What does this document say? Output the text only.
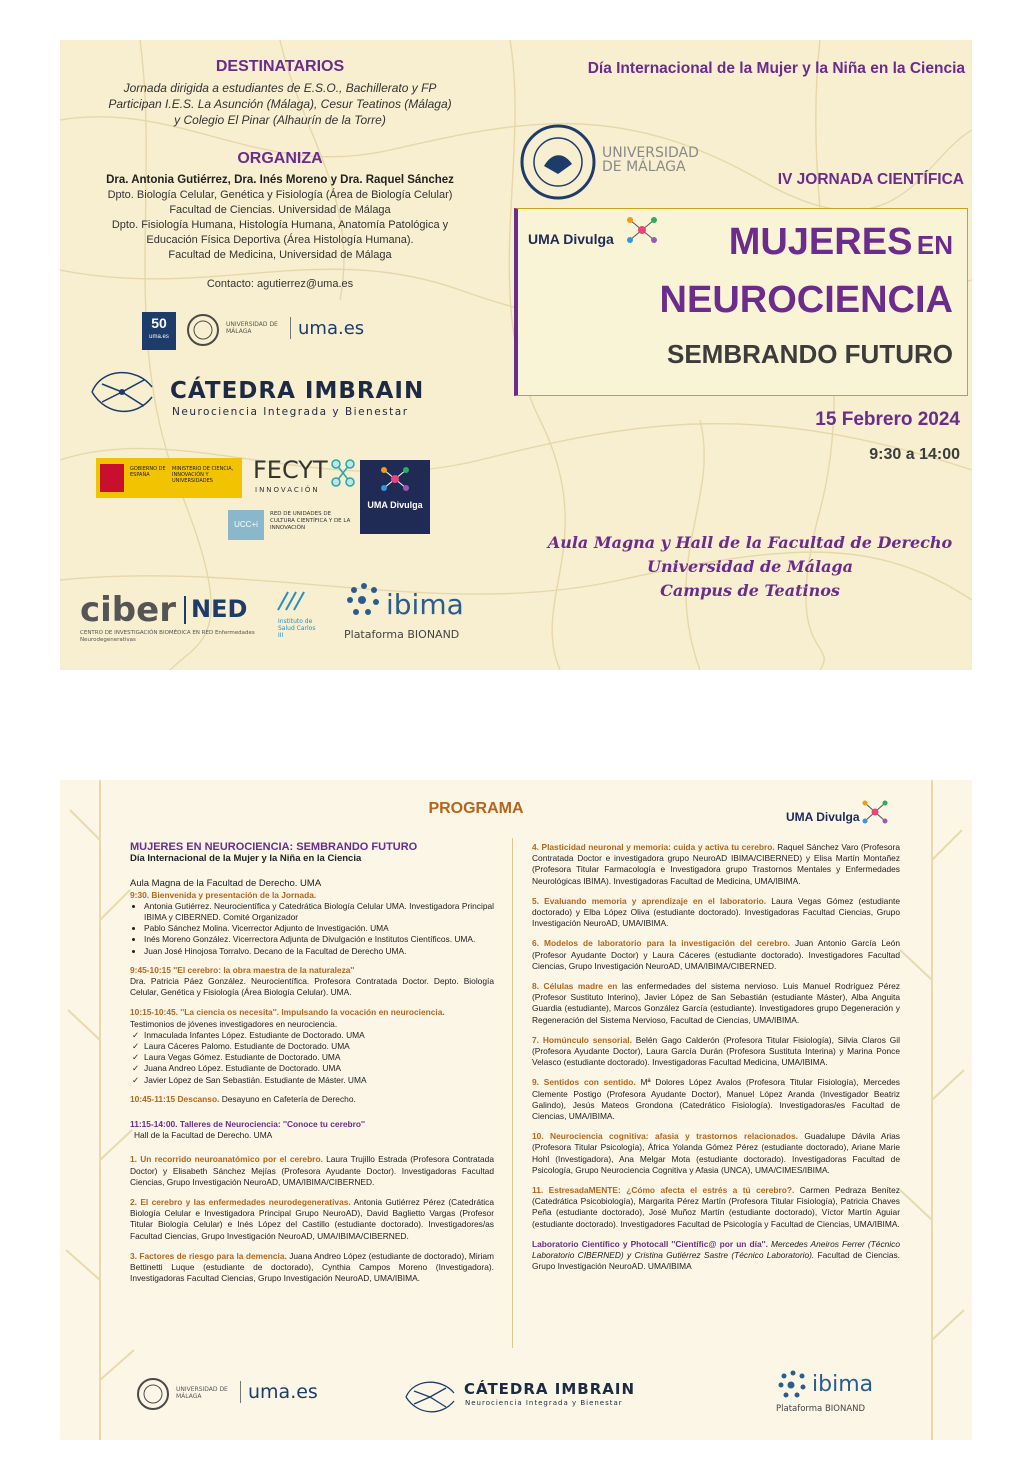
DESTINATARIOS
Jornada dirigida a estudiantes de E.S.O., Bachillerato y FP
Participan I.E.S. La Asunción (Málaga), Cesur Teatinos (Málaga)
y Colegio El Pinar (Alhaurín de la Torre)
ORGANIZA
Dra. Antonia Gutiérrez, Dra. Inés Moreno y Dra. Raquel Sánchez
Dpto. Biología Celular, Genética y Fisiología (Área de Biología Celular)
Facultad de Ciencias. Universidad de Málaga
Dpto. Fisiología Humana, Histología Humana, Anatomía Patológica y
Educación Física Deportiva (Área Histología Humana).
Facultad de Medicina, Universidad de Málaga
Contacto: agutierrez@uma.es
50
uma.es
UNIVERSIDAD DE MÁLAGA	uma.es
CÁTEDRA IMBRAIN
Neurociencia Integrada y Bienestar
GOBIERNO DE ESPAÑA
MINISTERIO DE CIENCIA, INNOVACIÓN Y UNIVERSIDADES	FECYT
INNOVACIÓN
UCC+i
RED DE UNIDADES DE CULTURA CIENTÍFICA Y DE LA INNOVACIÓN
UMA Divulga
ciber NED
CENTRO DE INVESTIGACIÓN BIOMÉDICA EN RED Enfermedades Neurodegenerativas
Instituto de Salud Carlos III
ibima
Plataforma BIONAND
Día Internacional de la Mujer y la Niña en la Ciencia
UNIVERSIDAD DE MÁLAGA
IV JORNADA CIENTÍFICA
UMA Divulga	MUJERES EN
NEUROCIENCIA
SEMBRANDO FUTURO
15 Febrero 2024
9:30 a 14:00
Aula Magna y Hall de la Facultad de Derecho
Universidad de Málaga
Campus de Teatinos
PROGRAMA	UMA Divulga
MUJERES EN NEUROCIENCIA: SEMBRANDO FUTURO
Día Internacional de la Mujer y la Niña en la Ciencia
Aula Magna de la Facultad de Derecho. UMA
9:30. Bienvenida y presentación de la Jornada.
• Antonia Gutiérrez. Neurocientífica y Catedrática Biología Celular UMA. Investigadora Principal IBIMA y CIBERNED. Comité Organizador
• Pablo Sánchez Molina. Vicerrector Adjunto de Investigación. UMA
• Inés Moreno González. Vicerrectora Adjunta de Divulgación e Institutos Científicos. UMA.
• Juan José Hinojosa Torralvo. Decano de la Facultad de Derecho UMA.
9:45-10:15 ''El cerebro: la obra maestra de la naturaleza''
Dra. Patricia Páez González. Neurocientífica. Profesora Contratada Doctor. Depto. Biología Celular, Genética y Fisiología (Área Biología Celular). UMA.
10:15-10:45. ''La ciencia os necesita''. Impulsando la vocación en neurociencia.
Testimonios de jóvenes investigadores en neurociencia.
✓ Inmaculada Infantes López. Estudiante de Doctorado. UMA
✓ Laura Cáceres Palomo. Estudiante de Doctorado. UMA
✓ Laura Vegas Gómez. Estudiante de Doctorado. UMA
✓ Juana Andreo López. Estudiante de Doctorado. UMA
✓ Javier López de San Sebastián. Estudiante de Máster. UMA
10:45-11:15 Descanso. Desayuno en Cafetería de Derecho.
11:15-14:00. Talleres de Neurociencia: ''Conoce tu cerebro''
Hall de la Facultad de Derecho. UMA
1. Un recorrido neuroanatómico por el cerebro. Laura Trujillo Estrada (Profesora Contratada Doctor) y Elisabeth Sánchez Mejías (Profesora Ayudante Doctor). Investigadoras Facultad Ciencias, Grupo Investigación NeuroAD, UMA/IBIMA/CIBERNED.
2. El cerebro y las enfermedades neurodegenerativas. Antonia Gutiérrez Pérez (Catedrática Biología Celular e Investigadora Principal Grupo NeuroAD), David Baglietto Vargas (Profesor Titular Biología Celular) e Inés López del Castillo (estudiante doctorado). Investigadores/as Facultad Ciencias, Grupo Investigación NeuroAD, UMA/IBIMA/CIBERNED.
3. Factores de riesgo para la demencia. Juana Andreo López (estudiante de doctorado), Miriam Bettinetti Luque (estudiante de doctorado), Cynthia Campos Moreno (Investigadora). Investigadoras Facultad Ciencias, Grupo Investigación NeuroAD, UMA/IBIMA.
4. Plasticidad neuronal y memoria: cuida y activa tu cerebro. Raquel Sánchez Varo (Profesora Contratada Doctor e investigadora grupo NeuroAD IBIMA/CIBERNED) y Elisa Martín Montañez (Profesora Titular Farmacología e Investigadora grupo Trastornos Mentales y Enfermedades Neurológicas IBIMA). Investigadoras Facultad de Medicina, UMA/IBIMA.
5. Evaluando memoria y aprendizaje en el laboratorio. Laura Vegas Gómez (estudiante doctorado) y Elba López Oliva (estudiante doctorado). Investigadoras Facultad Ciencias, Grupo Investigación NeuroAD, UMA/IBIMA.
6. Modelos de laboratorio para la investigación del cerebro. Juan Antonio García León (Profesor Ayudante Doctor) y Laura Cáceres (estudiante doctorado). Investigadores Facultad Ciencias, Grupo Investigación NeuroAD, UMA/IBIMA/CIBERNED.
8. Células madre en las enfermedades del sistema nervioso. Luis Manuel Rodríguez Pérez (Profesor Sustituto Interino), Javier López de San Sebastián (estudiante Máster), Alba Anguita Guardia (estudiante), Marcos González García (estudiante). Investigadores grupo Degeneración y Regeneración del Sistema Nervioso, Facultad de Ciencias, UMA/IBIMA.
7. Homúnculo sensorial. Belén Gago Calderón (Profesora Titular Fisiología), Silvia Claros Gil (Profesora Ayudante Doctor), Laura García Durán (Profesora Sustituta Interina) y Marina Ponce Velasco (estudiante doctorado). Investigadoras Facultad Medicina, UMA/IBIMA.
9. Sentidos con sentido. Mª Dolores López Avalos (Profesora Titular Fisiología), Mercedes Clemente Postigo (Profesora Ayudante Doctor), Manuel López Aranda (Investigador Beatriz Galindo), Jesús Mateos Grondona (Catedrático Fisiología). Investigadoras/es Facultad de Ciencias, UMA/IBIMA.
10. Neurociencia cognitiva: afasia y trastornos relacionados. Guadalupe Dávila Arias (Profesora Titular Psicología), África Yolanda Gómez Pérez (estudiante doctorado), Ariane Marie Hohl (Investigadora), Ana Melgar Mota (estudiante doctorado). Investigadoras Facultad de Psicología, Grupo Neurociencia Cognitiva y Afasia (UNCA), UMA/CIMES/IBIMA.
11. EstresadaMENTE: ¿Cómo afecta el estrés a tú cerebro?. Carmen Pedraza Benítez (Catedrática Psicobiología), Margarita Pérez Martín (Profesora Titular Fisiología), Patricia Chaves Peña (estudiante doctorado), José Muñoz Martín (estudiante doctorado), Víctor Martín Aguiar (estudiante doctorado). Investigadores Facultad de Psicología y Facultad de Ciencias, UMA/IBIMA.
Laboratorio Científico y Photocall ''Científic@ por un día''. Mercedes Aneiros Ferrer (Técnico Laboratorio CIBERNED) y Cristina Gutiérrez Sastre (Técnico Laboratorio). Facultad de Ciencias. Grupo Investigación NeuroAD. UMA/IBIMA
UNIVERSIDAD DE MÁLAGA	uma.es	CÁTEDRA IMBRAIN
Neurociencia Integrada y Bienestar
ibima
Plataforma BIONAND
